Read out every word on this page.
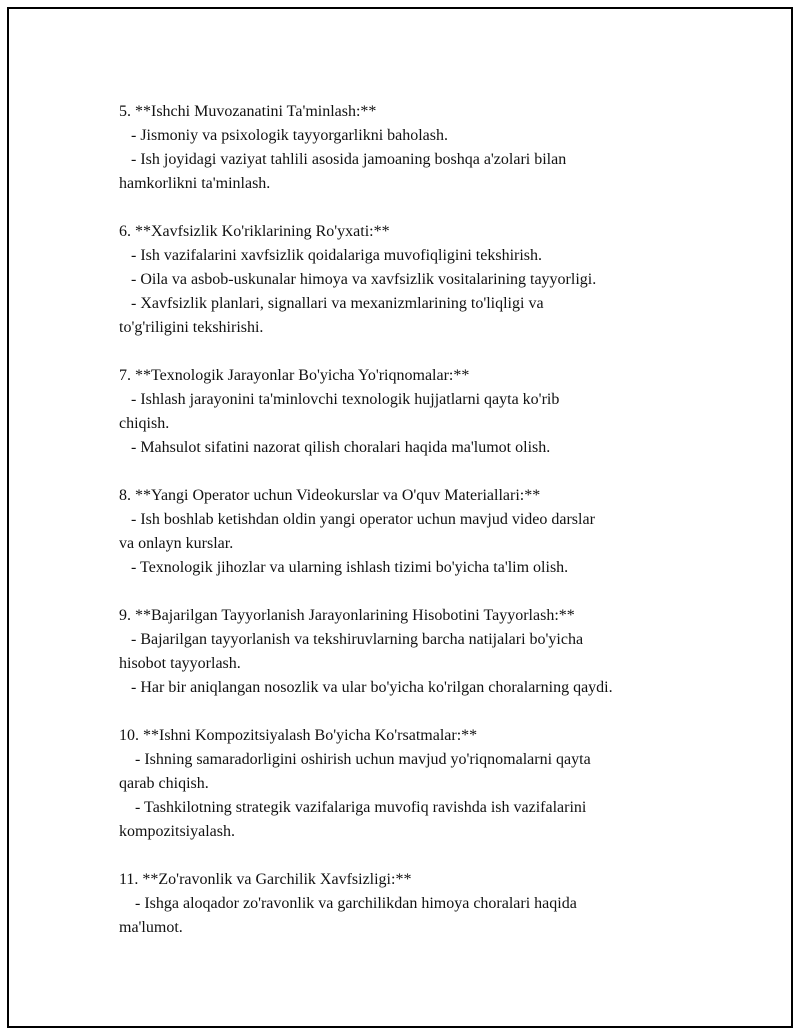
5. **Ishchi Muvozanatini Ta'minlash:**
- Jismoniy va psixologik tayyorgarlikni baholash.
- Ish joyidagi vaziyat tahlili asosida jamoaning boshqa a'zolari bilan
hamkorlikni ta'minlash.
6. **Xavfsizlik Ko'riklarining Ro'yxati:**
- Ish vazifalarini xavfsizlik qoidalariga muvofiqligini tekshirish.
- Oila va asbob-uskunalar himoya va xavfsizlik vositalarining tayyorligi.
- Xavfsizlik planlari, signallari va mexanizmlarining to'liqligi va
to'g'riligini tekshirishi.
7. **Texnologik Jarayonlar Bo'yicha Yo'riqnomalar:**
- Ishlash jarayonini ta'minlovchi texnologik hujjatlarni qayta ko'rib
chiqish.
- Mahsulot sifatini nazorat qilish choralari haqida ma'lumot olish.
8. **Yangi Operator uchun Videokurslar va O'quv Materiallari:**
- Ish boshlab ketishdan oldin yangi operator uchun mavjud video darslar
va onlayn kurslar.
- Texnologik jihozlar va ularning ishlash tizimi bo'yicha ta'lim olish.
9. **Bajarilgan Tayyorlanish Jarayonlarining Hisobotini Tayyorlash:**
- Bajarilgan tayyorlanish va tekshiruvlarning barcha natijalari bo'yicha
hisobot tayyorlash.
- Har bir aniqlangan nosozlik va ular bo'yicha ko'rilgan choralarning qaydi.
10. **Ishni Kompozitsiyalash Bo'yicha Ko'rsatmalar:**
- Ishning samaradorligini oshirish uchun mavjud yo'riqnomalarni qayta
qarab chiqish.
- Tashkilotning strategik vazifalariga muvofiq ravishda ish vazifalarini
kompozitsiyalash.
11. **Zo'ravonlik va Garchilik Xavfsizligi:**
- Ishga aloqador zo'ravonlik va garchilikdan himoya choralari haqida
ma'lumot.
